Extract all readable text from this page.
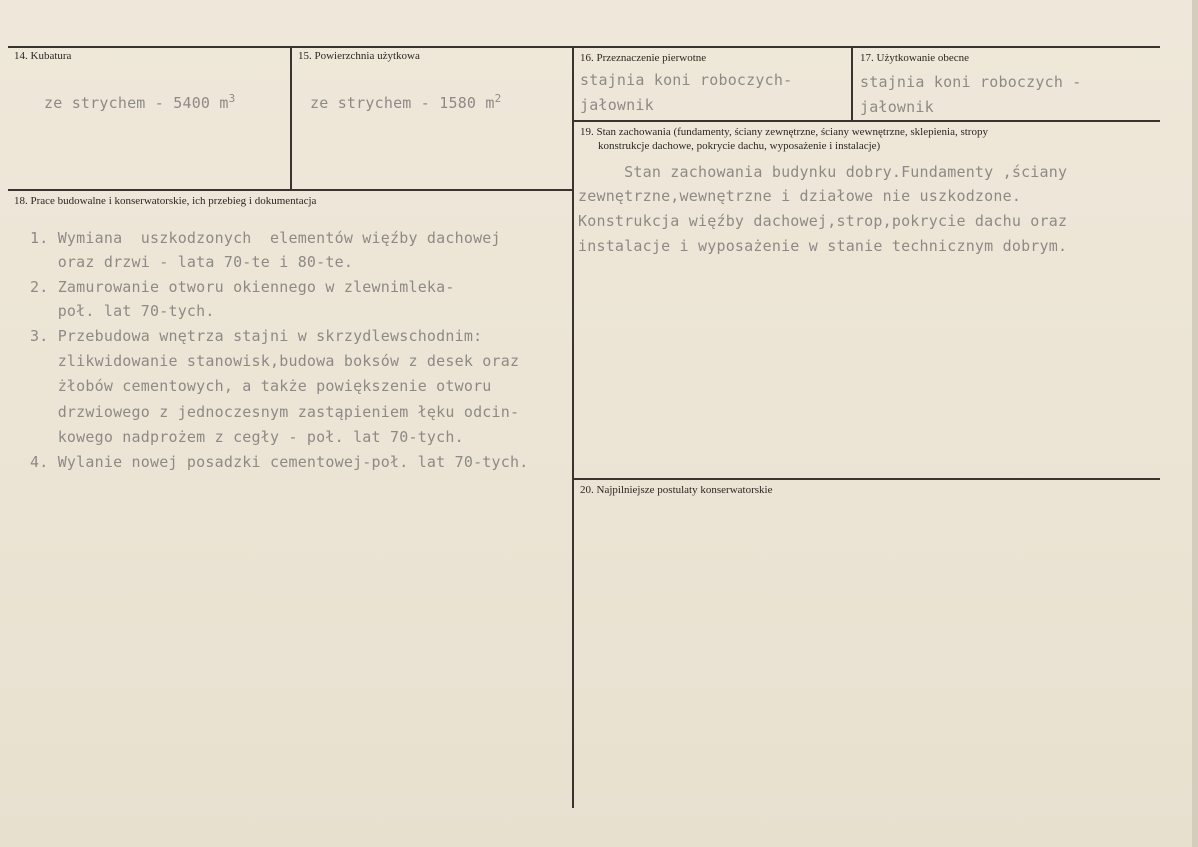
14. Kubatura
ze strychem - 5400 $m^3$
15. Powierzchnia użytkowa
ze strychem - 1580 $m^2$
16. Przeznaczenie pierwotne
stajnia koni roboczych-
jałownik
17. Użytkowanie obecne
stajnia koni roboczych -
jałownik
18. Prace budowalne i konserwatorskie, ich przebieg i dokumentacja
1. Wymiana  uszkodzonych  elementów więźby dachowej
oraz drzwi - lata 70-te i 80-te.
2. Zamurowanie otworu okiennego w zlewnimleka-
poł. lat 70-tych.
3. Przebudowa wnętrza stajni w skrzydlewschodnim:
zlikwidowanie stanowisk,budowa boksów z desek oraz
żłobów cementowych, a także powiększenie otworu
drzwiowego z jednoczesnym zastąpieniem łęku odcin-
kowego nadprożem z cegły - poł. lat 70-tych.
4. Wylanie nowej posadzki cementowej-poł. lat 70-tych.
19. Stan zachowania (fundamenty, ściany zewnętrzne, ściany wewnętrzne, sklepienia, stropy
konstrukcje dachowe, pokrycie dachu, wyposażenie i instalacje)
Stan zachowania budynku dobry.Fundamenty ,ściany
zewnętrzne,wewnętrzne i działowe nie uszkodzone.
Konstrukcja więźby dachowej,strop,pokrycie dachu oraz
instalacje i wyposażenie w stanie technicznym dobrym.
20. Najpilniejsze postulaty konserwatorskie
